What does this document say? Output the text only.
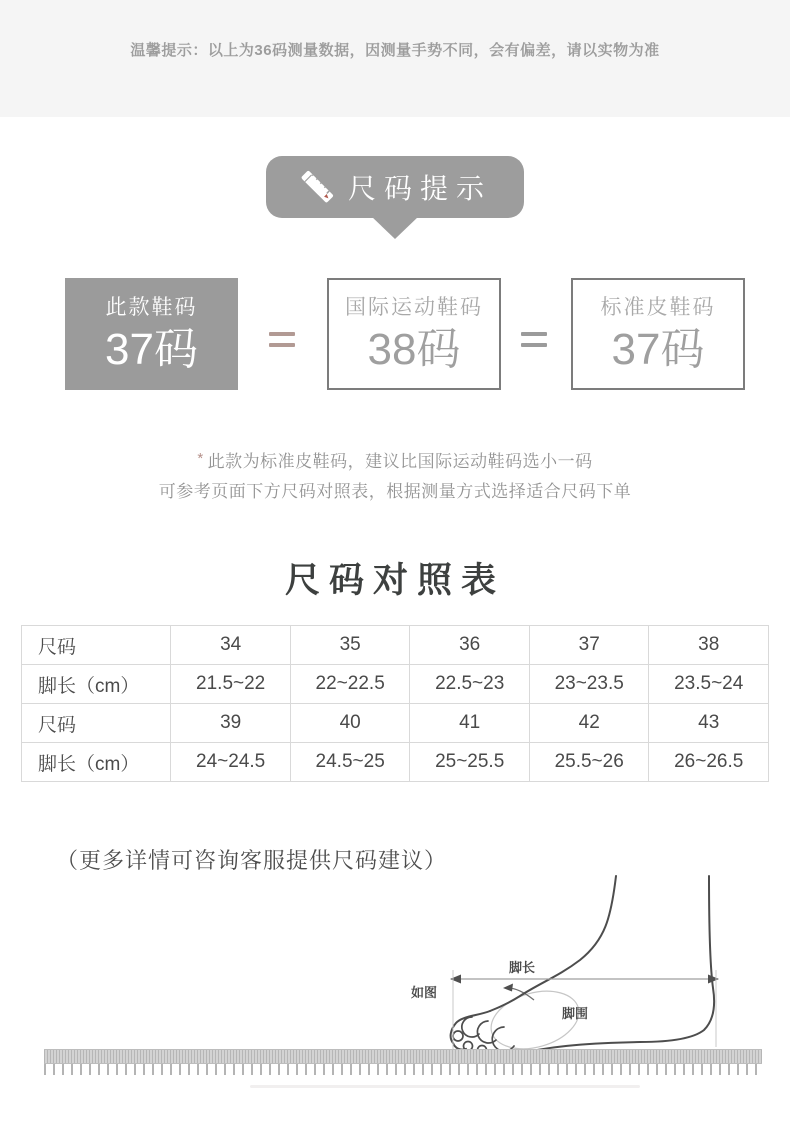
温馨提示：以上为36码测量数据，因测量手势不同，会有偏差，请以实物为准

尺码提示
此款鞋码
37码
国际运动鞋码
38码
标准皮鞋码
37码
* 此款为标准皮鞋码，建议比国际运动鞋码选小一码
可参考页面下方尺码对照表，根据测量方式选择适合尺码下单
尺码对照表
尺码	34	35	36	37	38
脚长（cm）	21.5~22	22~22.5	22.5~23	23~23.5	23.5~24
尺码	39	40	41	42	43
脚长（cm）	24~24.5	24.5~25	25~25.5	25.5~26	26~26.5
（更多详情可咨询客服提供尺码建议）
脚长
如图
脚围
